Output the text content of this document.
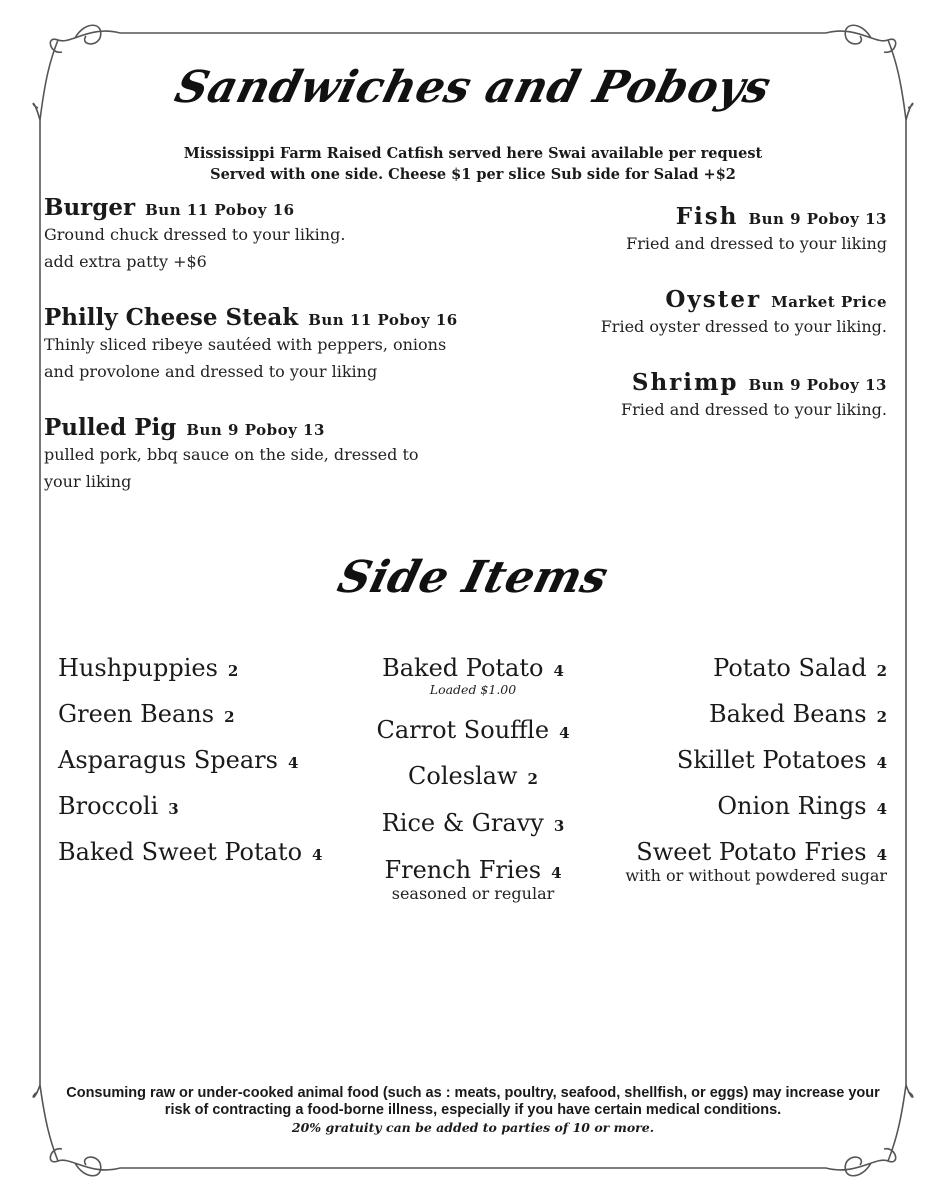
Sandwiches and Poboys
Mississippi Farm Raised Catfish served here Swai available per request
Served with one side. Cheese $1 per slice Sub side for Salad +$2
Burger Bun 11 Poboy 16
Ground chuck dressed to your liking.
add extra patty +$6
Philly Cheese Steak Bun 11 Poboy 16
Thinly sliced ribeye sautéed with peppers, onions
and provolone and dressed to your liking
Pulled Pig Bun 9 Poboy 13
pulled pork, bbq sauce on the side, dressed to
your liking
Fish Bun 9 Poboy 13
Fried and dressed to your liking
Oyster Market Price
Fried oyster dressed to your liking.
Shrimp Bun 9 Poboy 13
Fried and dressed to your liking.
Side Items
Hushpuppies 2
Green Beans 2
Asparagus Spears 4
Broccoli 3
Baked Sweet Potato 4
Baked Potato 4
Loaded $1.00
Carrot Souffle 4
Coleslaw 2
Rice & Gravy 3
French Fries 4
seasoned or regular
Potato Salad 2
Baked Beans 2
Skillet Potatoes 4
Onion Rings 4
Sweet Potato Fries 4
with or without powdered sugar
Consuming raw or under-cooked animal food (such as : meats, poultry, seafood, shellfish, or eggs) may increase your
risk of contracting a food-borne illness, especially if you have certain medical conditions.
20% gratuity can be added to parties of 10 or more.
